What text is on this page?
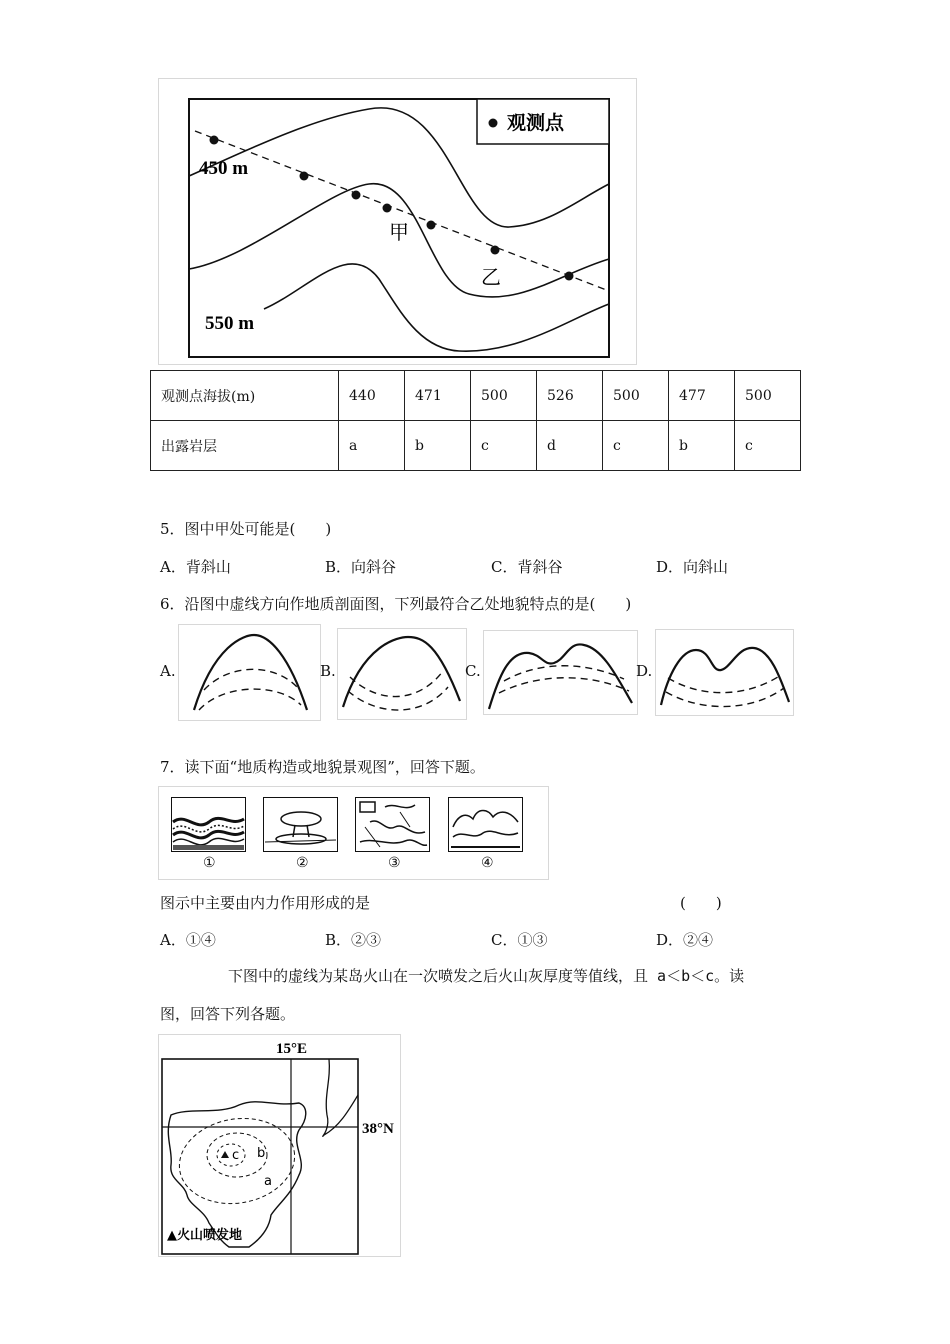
观测点
450 m
550 m
甲
乙
观测点海拔(m)	440	471	500	526	500	477	500
出露岩层	a	b	c	d	c	b	c
5．图中甲处可能是(　　)
A．背斜山	B．向斜谷	C．背斜谷	D．向斜山
6．沿图中虚线方向作地质剖面图，下列最符合乙处地貌特点的是(　　)
A.	B.	C.	D.
7．读下面“地质构造或地貌景观图”，回答下题。
①	②	③	④
图示中主要由内力作用形成的是	(　　)
A．①④	B．②③	C．①③	D．②④
下图中的虚线为某岛火山在一次喷发之后火山灰厚度等值线，且 a＜b＜c。读
图，回答下列各题。
15°E
38°N
c b
a
▲火山喷发地
